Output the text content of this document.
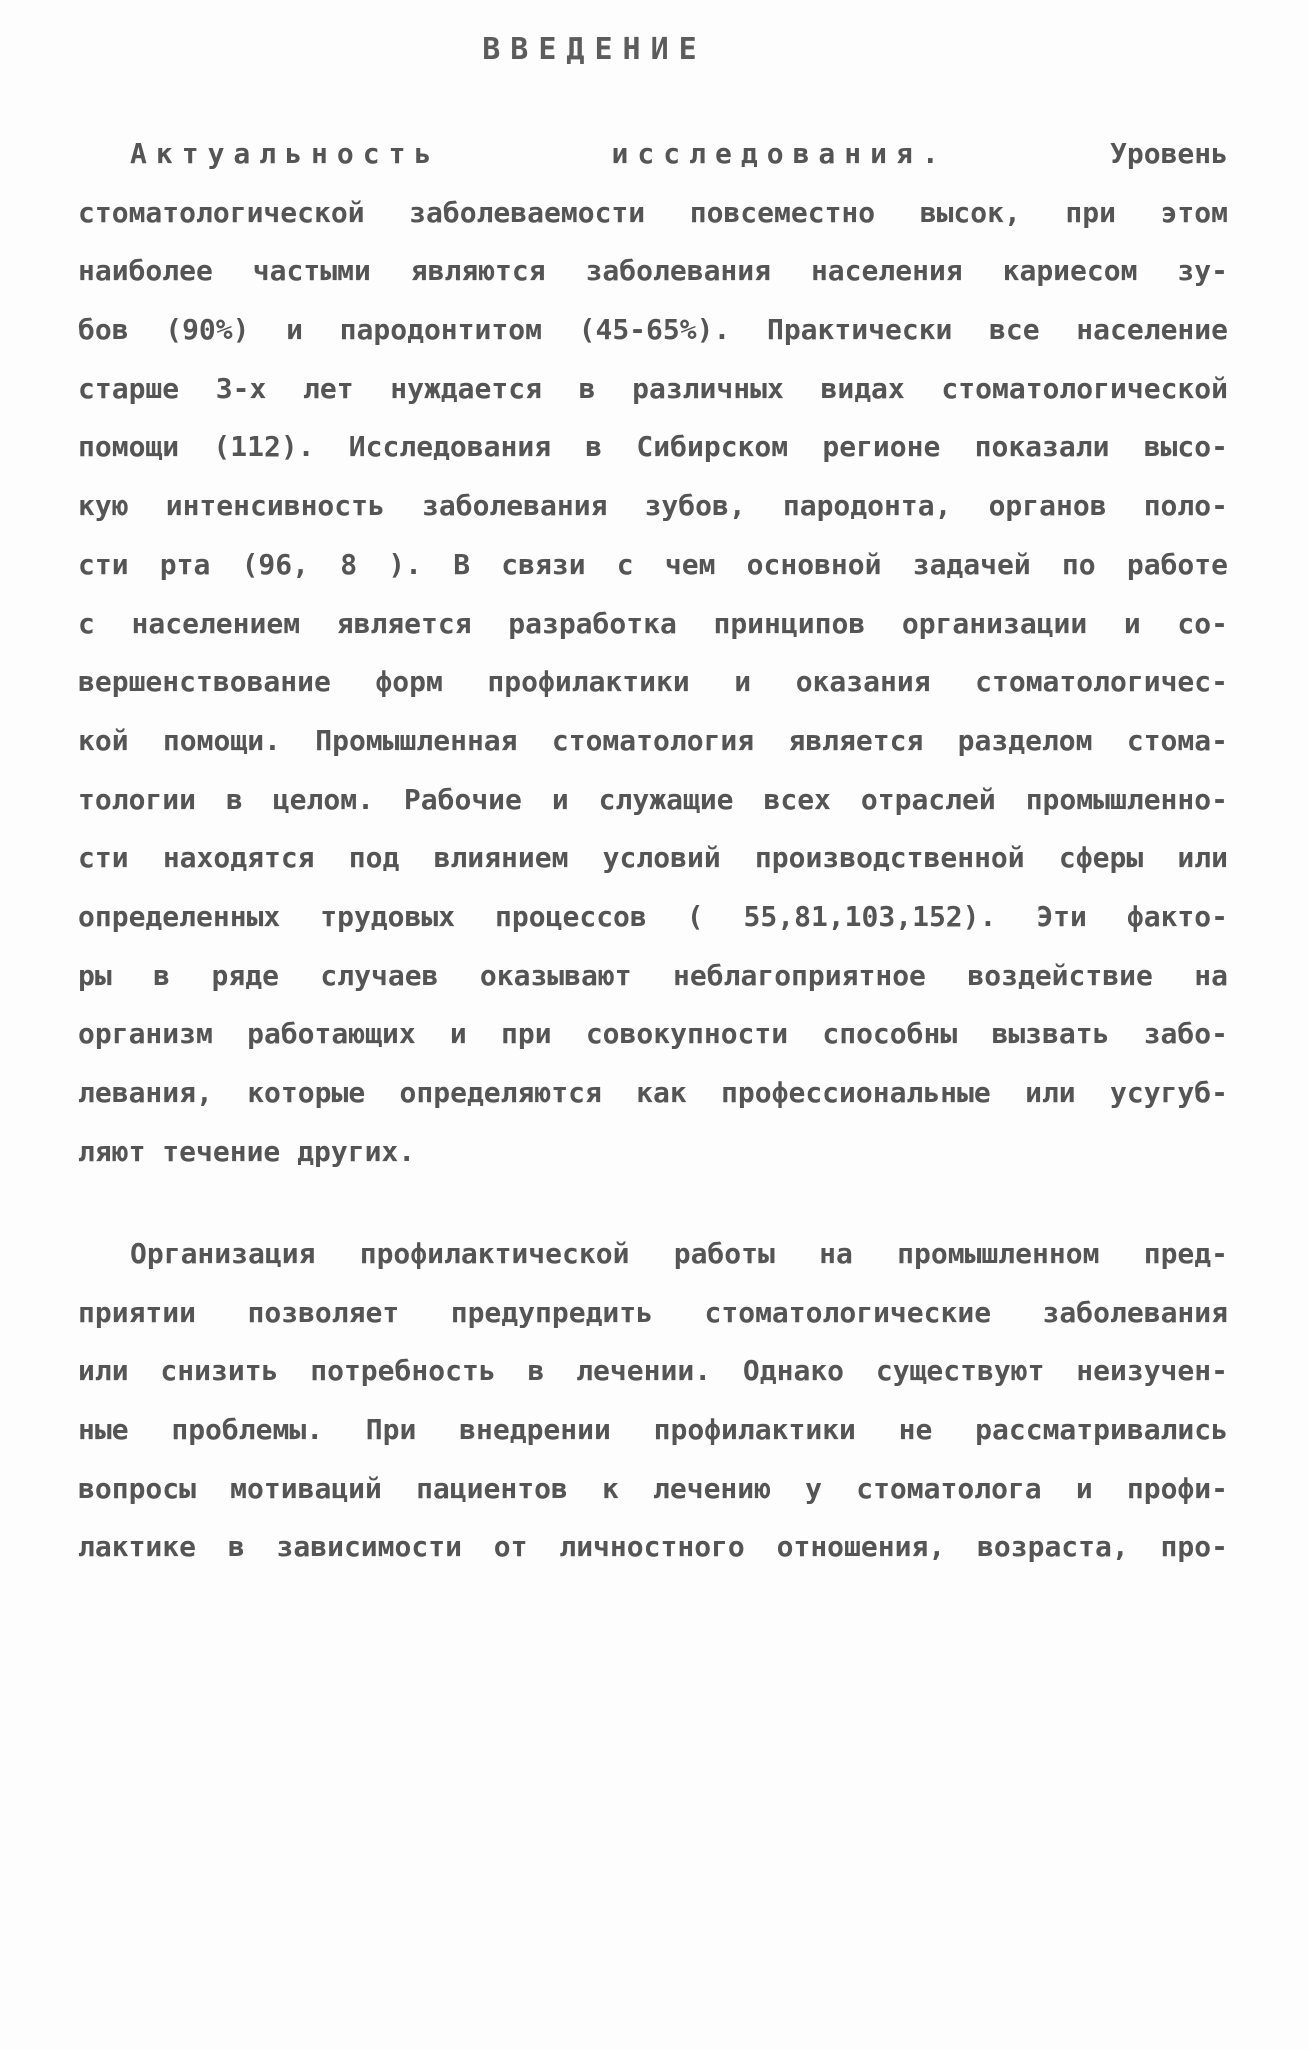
ВВЕДЕНИЕ
Актуальность исследования.	Уровень
стоматологической заболеваемости повсеместно высок, при этом
наиболее частыми являются заболевания населения кариесом зу-
бов (90%) и пародонтитом (45-65%). Практически все население
старше 3-х лет нуждается в различных видах стоматологической
помощи (112). Исследования в Сибирском регионе показали высо-
кую интенсивность заболевания зубов, пародонта, органов поло-
сти рта (96, 8 ). В связи с чем основной задачей по работе
с населением является разработка принципов организации и со-
вершенствование форм профилактики и оказания стоматологичес-
кой помощи. Промышленная стоматология является разделом стома-
тологии в целом. Рабочие и служащие всех отраслей промышленно-
сти находятся под влиянием условий производственной сферы или
определенных трудовых процессов ( 55,81,103,152). Эти факто-
ры в ряде случаев оказывают неблагоприятное воздействие на
организм работающих и при совокупности способны вызвать забо-
левания, которые определяются как профессиональные или усугуб-
ляют течение других.
Организация профилактической работы на промышленном пред-
приятии позволяет предупредить стоматологические заболевания
или снизить потребность в лечении. Однако существуют неизучен-
ные проблемы. При внедрении профилактики не рассматривались
вопросы мотиваций пациентов к лечению у стоматолога и профи-
лактике в зависимости от личностного отношения, возраста, про-
